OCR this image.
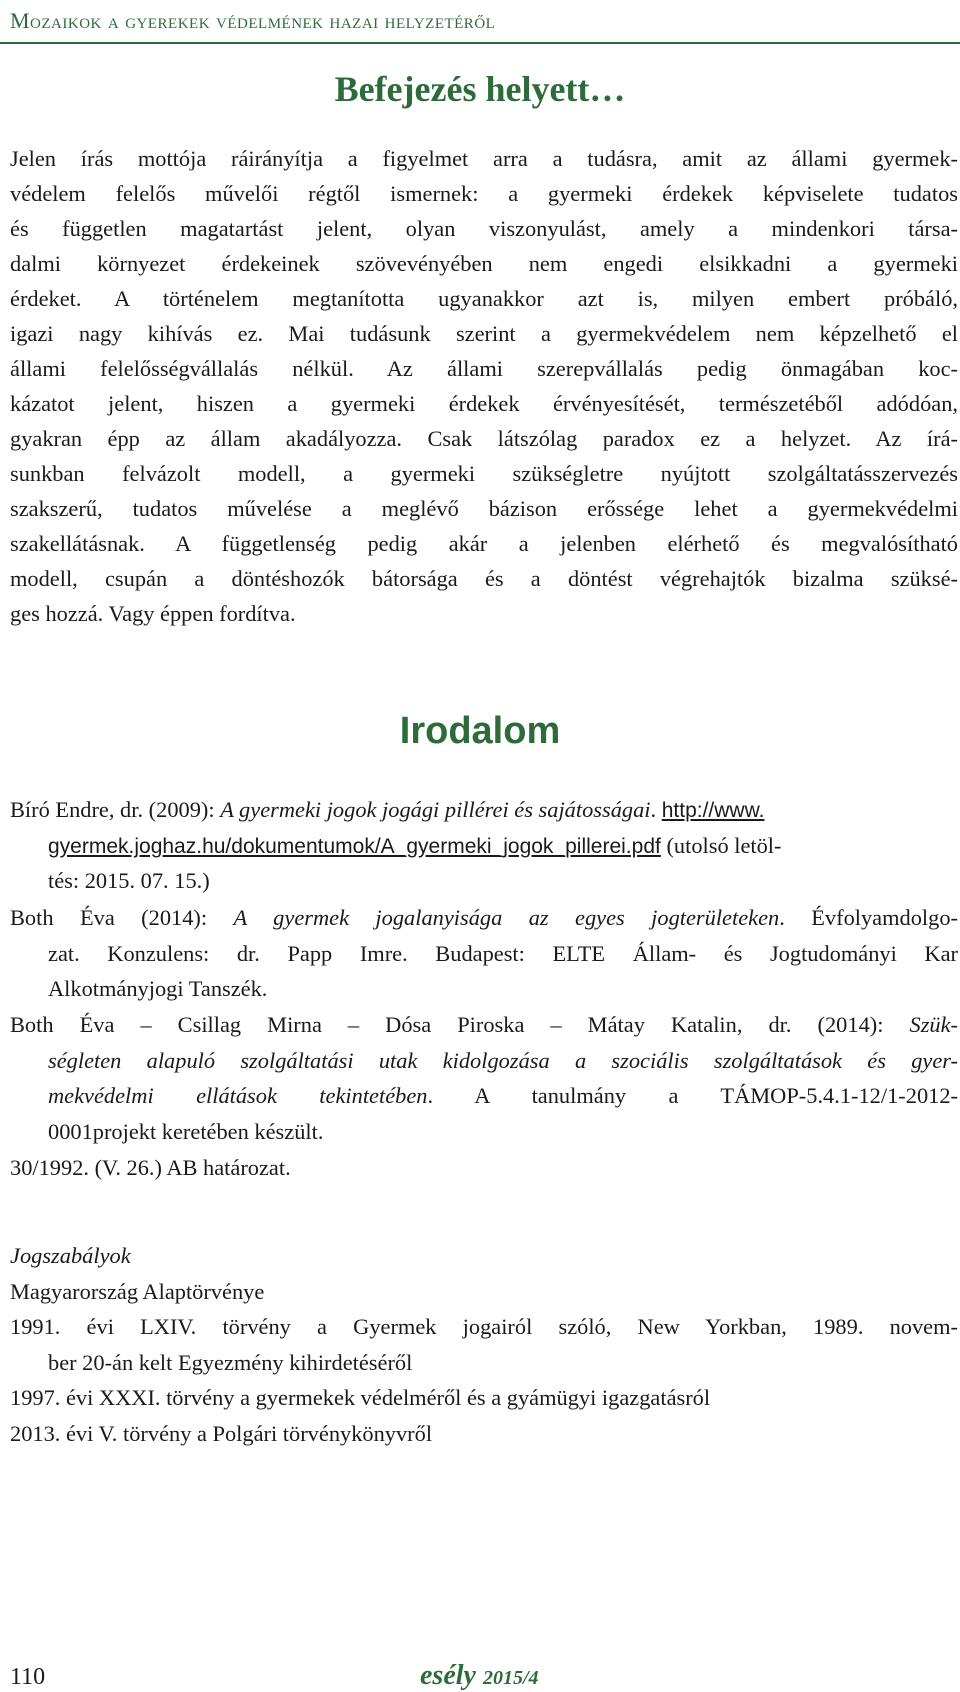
Mozaikok a gyerekek védelmének hazai helyzetéről
Befejezés helyett…
Jelen írás mottója ráirányítja a figyelmet arra a tudásra, amit az állami gyermek-
védelem felelős művelői régtől ismernek: a gyermeki érdekek képviselete tudatos
és független magatartást jelent, olyan viszonyulást, amely a mindenkori társa-
dalmi környezet érdekeinek szövevényében nem engedi elsikkadni a gyermeki
érdeket. A történelem megtanította ugyanakkor azt is, milyen embert próbáló,
igazi nagy kihívás ez. Mai tudásunk szerint a gyermekvédelem nem képzelhető el
állami felelősségvállalás nélkül. Az állami szerepvállalás pedig önmagában koc-
kázatot jelent, hiszen a gyermeki érdekek érvényesítését, természetéből adódóan,
gyakran épp az állam akadályozza. Csak látszólag paradox ez a helyzet. Az írá-
sunkban felvázolt modell, a gyermeki szükségletre nyújtott szolgáltatásszervezés
szakszerű, tudatos művelése a meglévő bázison erőssége lehet a gyermekvédelmi
szakellátásnak. A függetlenség pedig akár a jelenben elérhető és megvalósítható
modell, csupán a döntéshozók bátorsága és a döntést végrehajtók bizalma szüksé-
ges hozzá. Vagy éppen fordítva.
Irodalom
Bíró Endre, dr. (2009): A gyermeki jogok jogági pillérei és sajátosságai. http://www.
gyermek.joghaz.hu/dokumentumok/A_gyermeki_jogok_pillerei.pdf (utolsó letöl-
tés: 2015. 07. 15.)
Both Éva (2014): A gyermek jogalanyisága az egyes jogterületeken. Évfolyamdolgo-
zat. Konzulens: dr. Papp Imre. Budapest: ELTE Állam- és Jogtudományi Kar
Alkotmányjogi Tanszék.
Both Éva – Csillag Mirna – Dósa Piroska – Mátay Katalin, dr. (2014): Szük-
ségleten alapuló szolgáltatási utak kidolgozása a szociális szolgáltatások és gyer-
mekvédelmi ellátások tekintetében. A tanulmány a TÁMOP-5.4.1-12/1-2012-
0001projekt keretében készült.
30/1992. (V. 26.) AB határozat.
Jogszabályok
Magyarország Alaptörvénye
1991. évi LXIV. törvény a Gyermek jogairól szóló, New Yorkban, 1989. novem-
ber 20-án kelt Egyezmény kihirdetéséről
1997. évi XXXI. törvény a gyermekek védelméről és a gyámügyi igazgatásról
2013. évi V. törvény a Polgári törvénykönyvről
110	esély 2015/4
